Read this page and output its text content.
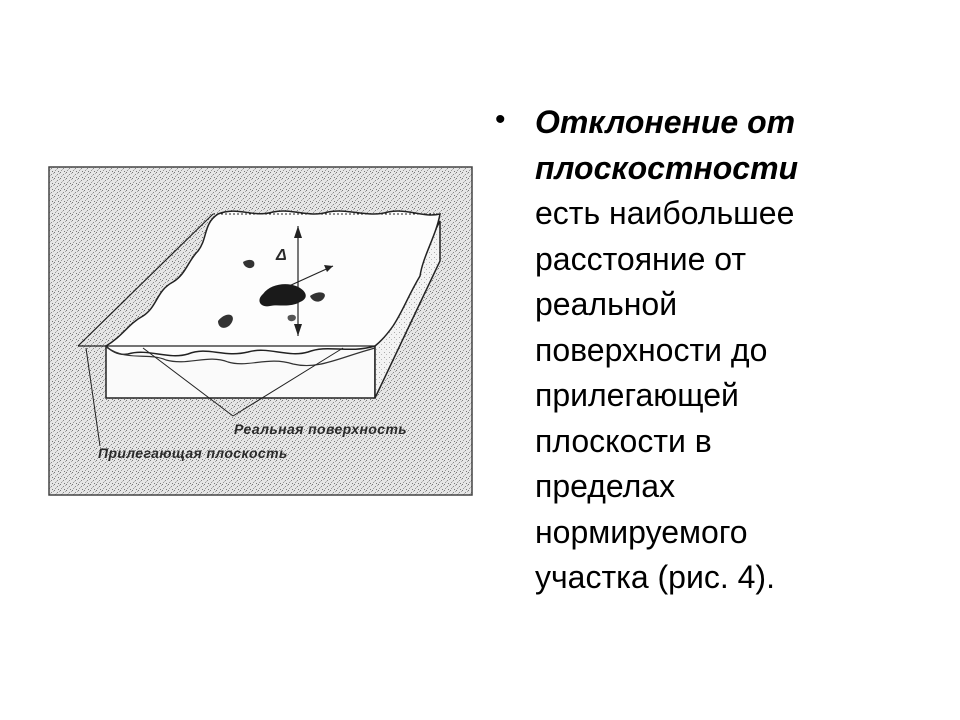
Δ
Реальная поверхность
Прилегающая плоскость
• Отклонение от
плоскостности
есть наибольшее
расстояние от
реальной
поверхности до
прилегающей
плоскости в
пределах
нормируемого
участка (рис. 4).
